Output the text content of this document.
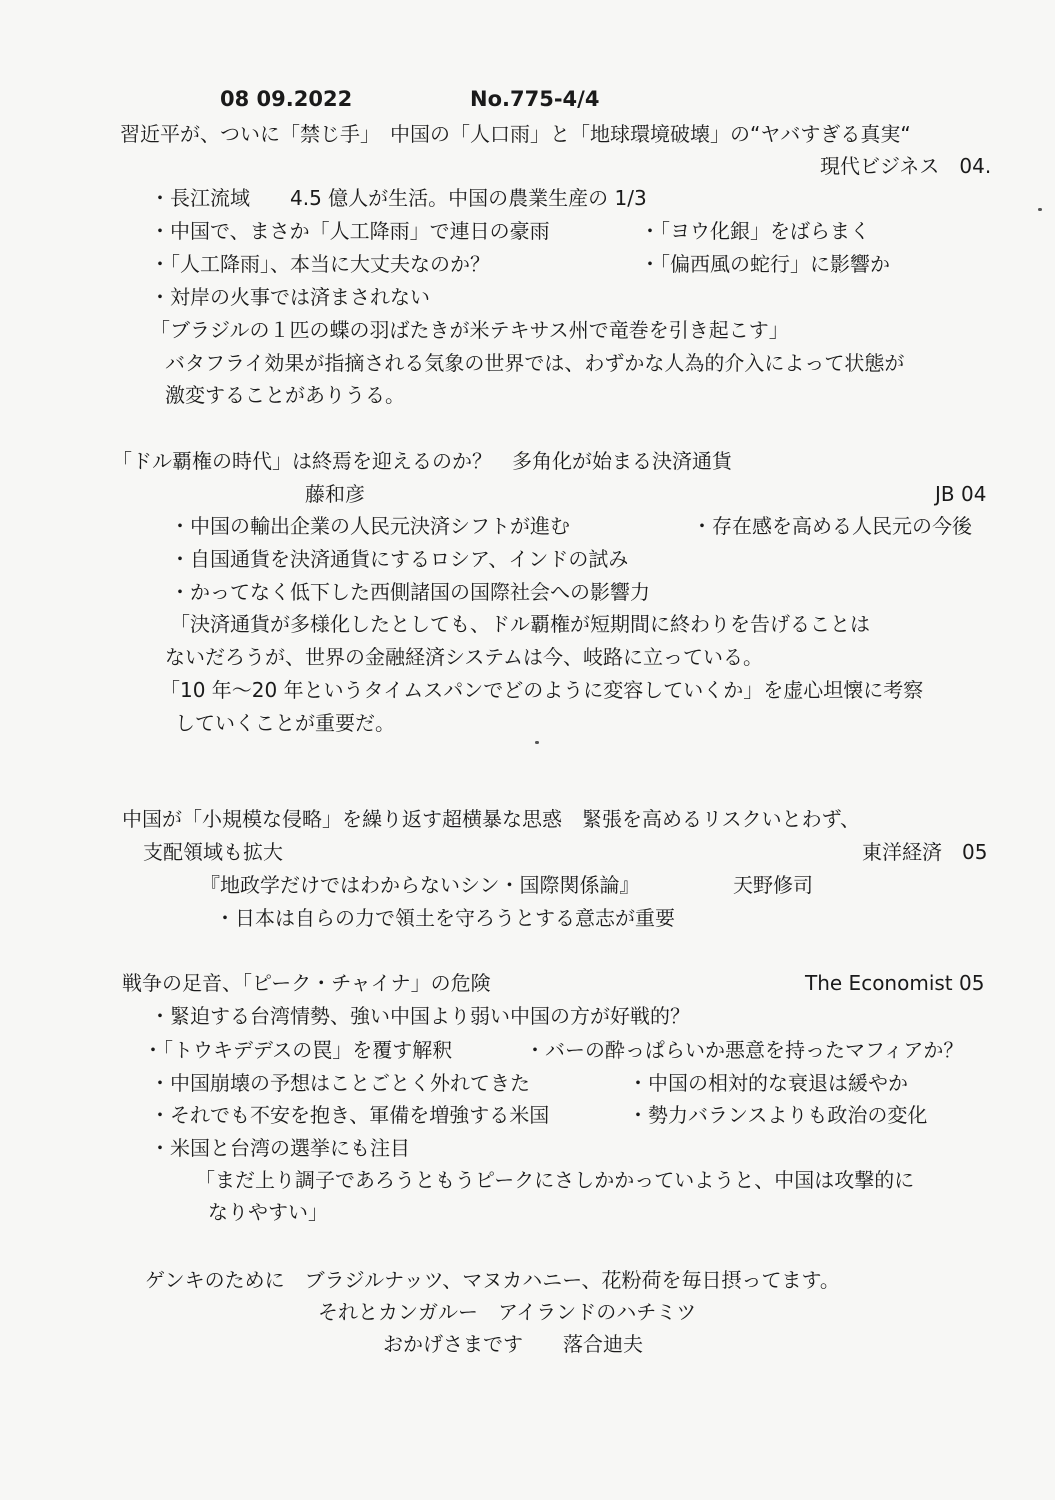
08 09.2022	No.775-4/4
習近平が、ついに「禁じ手」　中国の「人口雨」と「地球環境破壊」の“ヤバすぎる真実“
現代ビジネス　04.
・長江流域　　4.5 億人が生活。中国の農業生産の 1/3
・中国で、まさか「人工降雨」で連日の豪雨	・「ヨウ化銀」をばらまく
・「人工降雨」、本当に大丈夫なのか？	・「偏西風の蛇行」に影響か
・対岸の火事では済まされない
「ブラジルの１匹の蝶の羽ばたきが米テキサス州で竜巻を引き起こす」
バタフライ効果が指摘される気象の世界では、わずかな人為的介入によって状態が
激変することがありうる。
「ドル覇権の時代」は終焉を迎えるのか？　多角化が始まる決済通貨
藤和彦	JB 04
・中国の輸出企業の人民元決済シフトが進む	・存在感を高める人民元の今後
・自国通貨を決済通貨にするロシア、インドの試み
・かってなく低下した西側諸国の国際社会への影響力
「決済通貨が多様化したとしても、ドル覇権が短期間に終わりを告げることは
ないだろうが、世界の金融経済システムは今、岐路に立っている。
「10 年～20 年というタイムスパンでどのように変容していくか」を虚心坦懐に考察
していくことが重要だ。
中国が「小規模な侵略」を繰り返す超横暴な思惑　緊張を高めるリスクいとわず、
支配領域も拡大	東洋経済　05
『地政学だけではわからないシン・国際関係論』	天野修司
・日本は自らの力で領土を守ろうとする意志が重要
戦争の足音、「ピーク・チャイナ」の危険	The Economist 05
・緊迫する台湾情勢、強い中国より弱い中国の方が好戦的？
・「トウキデデスの罠」を覆す解釈	・バーの酔っぱらいか悪意を持ったマフィアか？
・中国崩壊の予想はことごとく外れてきた	・中国の相対的な衰退は緩やか
・それでも不安を抱き、軍備を増強する米国	・勢力バランスよりも政治の変化
・米国と台湾の選挙にも注目
「まだ上り調子であろうともうピークにさしかかっていようと、中国は攻撃的に
なりやすい」
ゲンキのために　ブラジルナッツ、マヌカハニー、花粉荷を毎日摂ってます。
それとカンガルー　アイランドのハチミツ
おかげさまです　　落合迪夫
